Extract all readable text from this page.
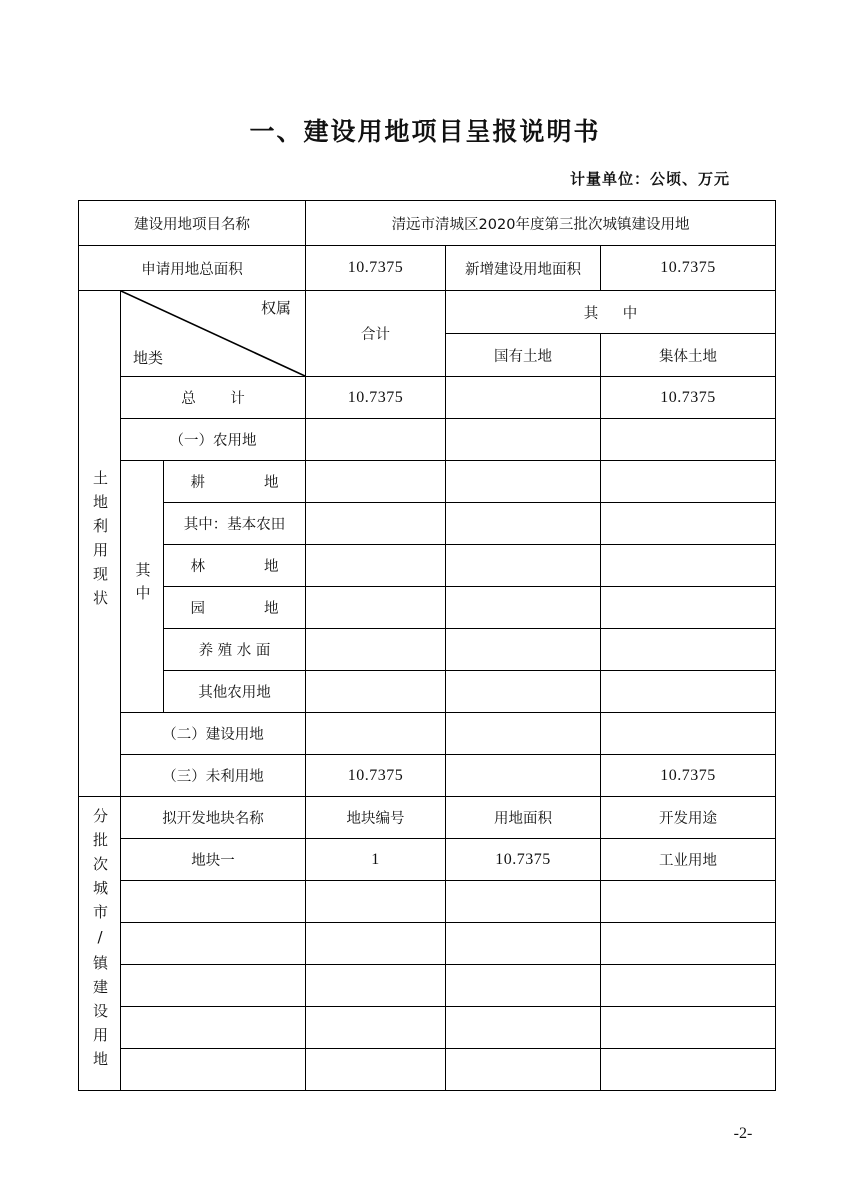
一、建设用地项目呈报说明书
计量单位：公顷、万元
建设用地项目名称			清远市清城区2020年度第三批次城镇建设用地		
申请用地总面积			10.7375	新增建设用地面积	10.7375
土地利用现状	权属
地类		合计	其　中	
				国有土地	集体土地
	总　计		10.7375		10.7375
	（一）农用地				
	其中	耕　　地			
		其中：基本农田			
		林　　地			
		园　　地			
		养 殖 水 面			
		其他农用地			
	（二）建设用地				
	（三）未利用地		10.7375		10.7375
分批次城市/镇建设用地	拟开发地块名称		地块编号	用地面积	开发用途
	地块一		1	10.7375	工业用地

-2-
